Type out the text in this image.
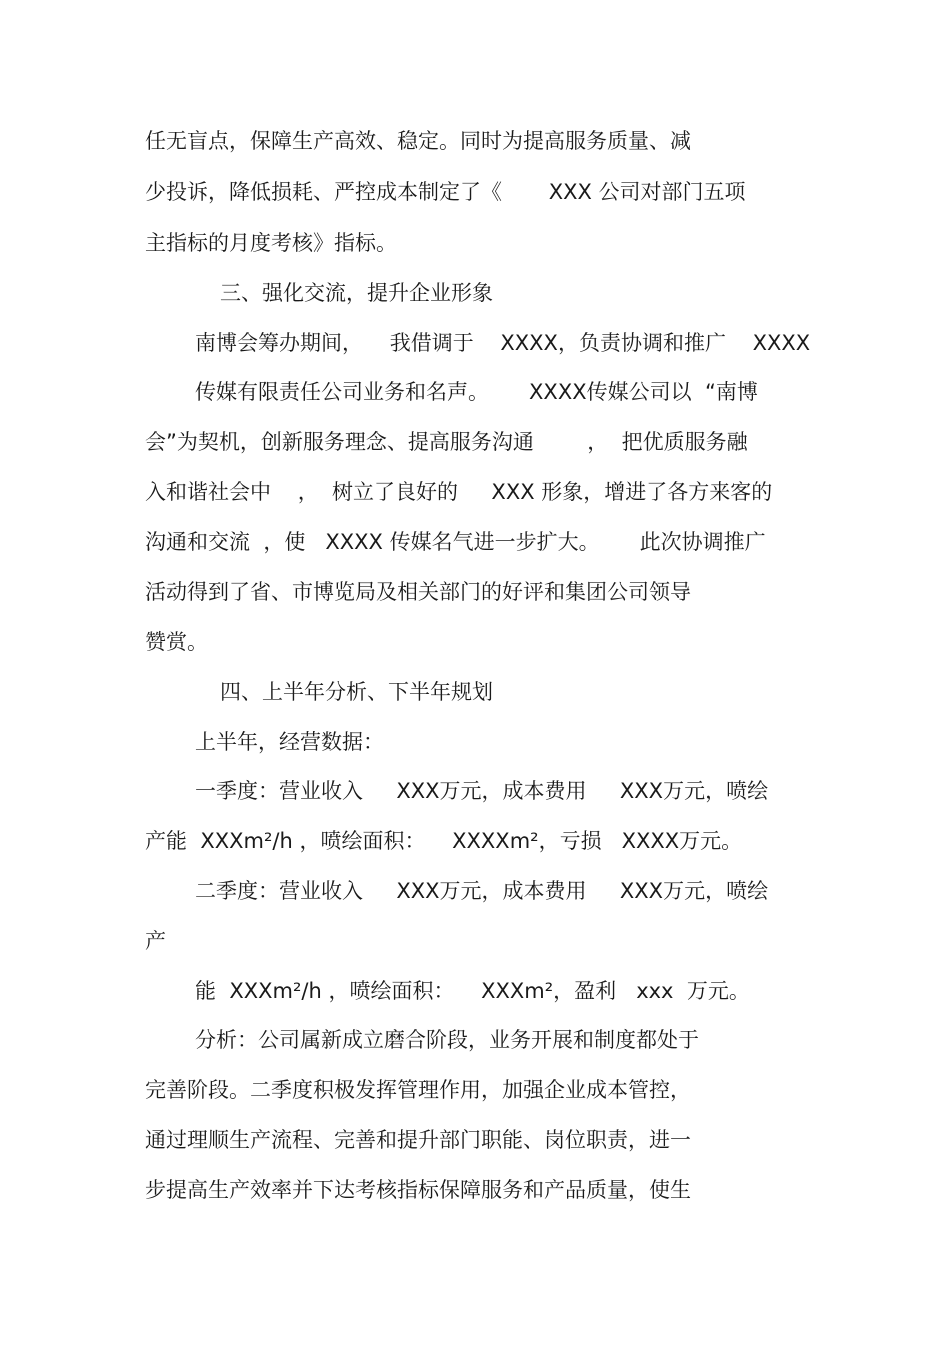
任无盲点，保障生产高效、稳定。同时为提高服务质量、减
少投诉，降低损耗、严控成本制定了《       XXX 公司对部门五项
主指标的月度考核》指标。
三、强化交流，提升企业形象
南博会筹办期间，    我借调于    XXXX，负责协调和推广    XXXX
传媒有限责任公司业务和名声。      XXXX传媒公司以  “南博
会”为契机，创新服务理念、提高服务沟通        ，  把优质服务融
入和谐社会中    ，  树立了良好的     XXX 形象，增进了各方来客的
沟通和交流  ，使   XXXX 传媒名气进一步扩大。      此次协调推广
活动得到了省、市博览局及相关部门的好评和集团公司领导
赞赏。
四、上半年分析、下半年规划
上半年，经营数据：
一季度：营业收入     XXX万元，成本费用     XXX万元，喷绘
产能  XXXm²/h ，喷绘面积：    XXXXm²，亏损   XXXX万元。
二季度：营业收入     XXX万元，成本费用     XXX万元，喷绘
产
能  XXXm²/h ，喷绘面积：    XXXm²，盈利   xxx  万元。
分析：公司属新成立磨合阶段，业务开展和制度都处于
完善阶段。二季度积极发挥管理作用，加强企业成本管控，
通过理顺生产流程、完善和提升部门职能、岗位职责，进一
步提高生产效率并下达考核指标保障服务和产品质量，使生
